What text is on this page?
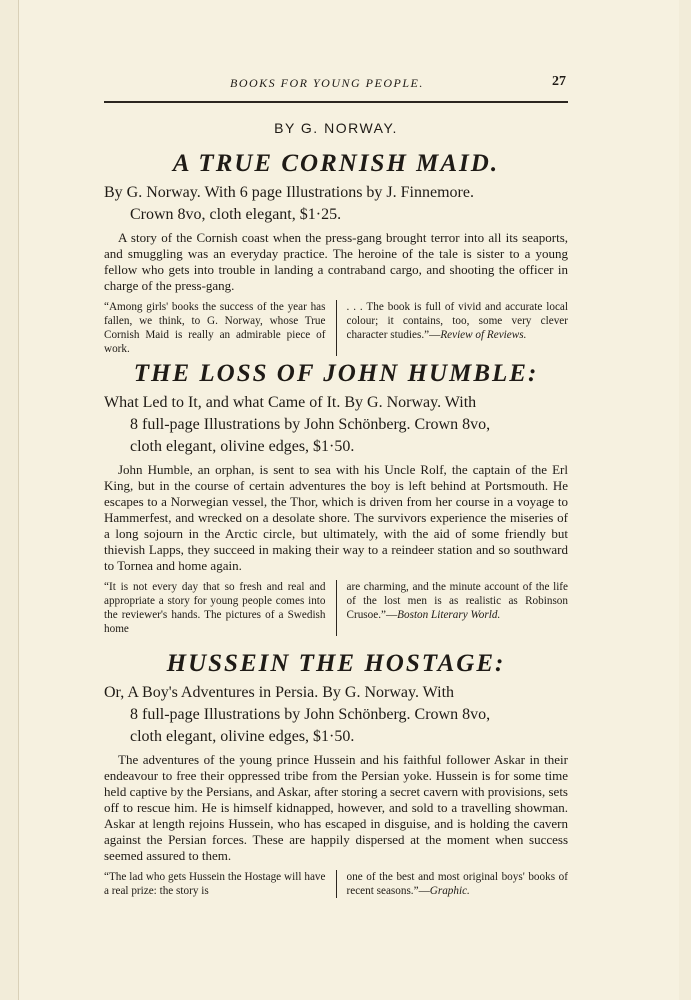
BOOKS FOR YOUNG PEOPLE.	27
BY G. NORWAY.
A TRUE CORNISH MAID.

By G. Norway. With 6 page Illustrations by J. Finnemore.

Crown 8vo, cloth elegant, $1·25.

A story of the Cornish coast when the press-gang brought terror into all its seaports, and smuggling was an everyday practice. The heroine of the tale is sister to a young fellow who gets into trouble in landing a contraband cargo, and shooting the officer in charge of the press-gang.
“Among girls' books the success of the year has fallen, we think, to G. Norway, whose True Cornish Maid is really an admirable piece of work.
. . . The book is full of vivid and accurate local colour; it contains, too, some very clever character studies.”—Review of Reviews.
THE LOSS OF JOHN HUMBLE:

What Led to It, and what Came of It. By G. Norway. With

8 full-page Illustrations by John Schönberg. Crown 8vo,

cloth elegant, olivine edges, $1·50.

John Humble, an orphan, is sent to sea with his Uncle Rolf, the captain of the Erl King, but in the course of certain adventures the boy is left behind at Portsmouth. He escapes to a Norwegian vessel, the Thor, which is driven from her course in a voyage to Hammerfest, and wrecked on a desolate shore. The survivors experience the miseries of a long sojourn in the Arctic circle, but ultimately, with the aid of some friendly but thievish Lapps, they succeed in making their way to a reindeer station and so southward to Tornea and home again.
“It is not every day that so fresh and real and appropriate a story for young people comes into the reviewer's hands. The pictures of a Swedish home
are charming, and the minute account of the life of the lost men is as realistic as Robinson Crusoe.”—Boston Literary World.
HUSSEIN THE HOSTAGE:

Or, A Boy's Adventures in Persia. By G. Norway. With

8 full-page Illustrations by John Schönberg. Crown 8vo,

cloth elegant, olivine edges, $1·50.

The adventures of the young prince Hussein and his faithful follower Askar in their endeavour to free their oppressed tribe from the Persian yoke. Hussein is for some time held captive by the Persians, and Askar, after storing a secret cavern with provisions, sets off to rescue him. He is himself kidnapped, however, and sold to a travelling showman. Askar at length rejoins Hussein, who has escaped in disguise, and is holding the cavern against the Persian forces. These are happily dispersed at the moment when success seemed assured to them.
“The lad who gets Hussein the Hostage will have a real prize: the story is
one of the best and most original boys' books of recent seasons.”—Graphic.
